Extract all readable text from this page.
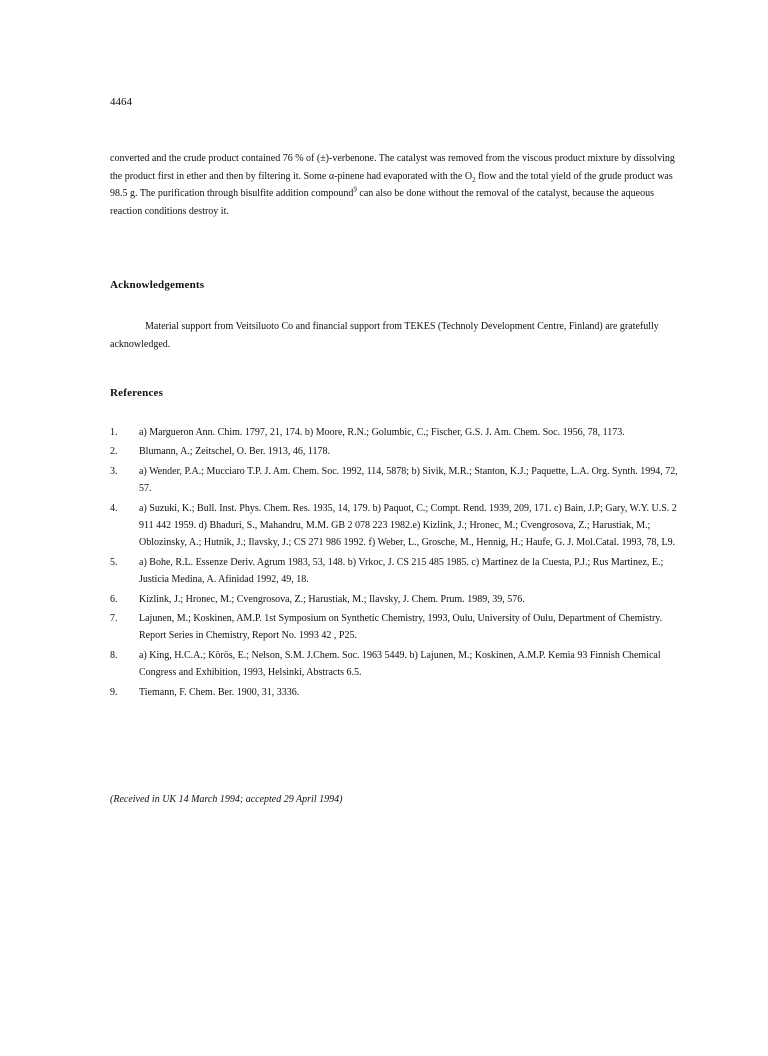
4464
converted and the crude product contained 76 % of (±)-verbenone. The catalyst was removed from the viscous product mixture by dissolving the product first in ether and then by filtering it. Some α-pinene had evaporated with the $O_2$ flow and the total yield of the grude product was 98.5 g. The purification through bisulfite addition compound$^9$ can also be done without the removal of the catalyst, because the aqueous reaction conditions destroy it.
Acknowledgements
Material support from Veitsiluoto Co and financial support from TEKES (Technoly Development Centre, Finland) are gratefully acknowledged.
References
1.	a) Margueron Ann. Chim. 1797, 21, 174. b) Moore, R.N.; Golumbic, C.; Fischer, G.S. J. Am. Chem. Soc. 1956, 78, 1173.
2.	Blumann, A.; Zeitschel, O. Ber. 1913, 46, 1178.
3.	a) Wender, P.A.; Mucciaro T.P. J. Am. Chem. Soc. 1992, 114, 5878; b) Sivik, M.R.; Stanton, K.J.; Paquette, L.A. Org. Synth. 1994, 72, 57.
4.	a) Suzuki, K.; Bull. Inst. Phys. Chem. Res. 1935, 14, 179. b) Paquot, C.; Compt. Rend. 1939, 209, 171. c) Bain, J.P; Gary, W.Y. U.S. 2 911 442 1959. d) Bhaduri, S., Mahandru, M.M. GB 2 078 223 1982.e) Kizlink, J.; Hronec, M.; Cvengrosova, Z.; Harustiak, M.; Oblozinsky, A.; Hutnik, J.; Ilavsky, J.; CS 271 986 1992. f) Weber, L., Grosche, M., Hennig, H.; Haufe, G. J. Mol.Catal. 1993, 78, L9.
5.	a) Bohe, R.L. Essenze Deriv. Agrum 1983, 53, 148. b) Vrkoc, J. CS 215 485 1985. c) Martinez de la Cuesta, P.J.; Rus Martinez, E.; Justicia Medina, A. Afinidad 1992, 49, 18.
6.	Kizlink, J.; Hronec, M.; Cvengrosova, Z.; Harustiak, M.; Ilavsky, J. Chem. Prum. 1989, 39, 576.
7.	Lajunen, M.; Koskinen, AM.P. 1st Symposium on Synthetic Chemistry, 1993, Oulu, University of Oulu, Department of Chemistry. Report Series in Chemistry, Report No. 1993 42 , P25.
8.	a) King, H.C.A.; Körös, E.; Nelson, S.M. J.Chem. Soc. 1963 5449. b) Lajunen, M.; Koskinen, A.M.P. Kemia 93 Finnish Chemical Congress and Exhibition, 1993, Helsinki, Abstracts 6.5.
9.	Tiemann, F. Chem. Ber. 1900, 31, 3336.
(Received in UK 14 March 1994; accepted 29 April 1994)
